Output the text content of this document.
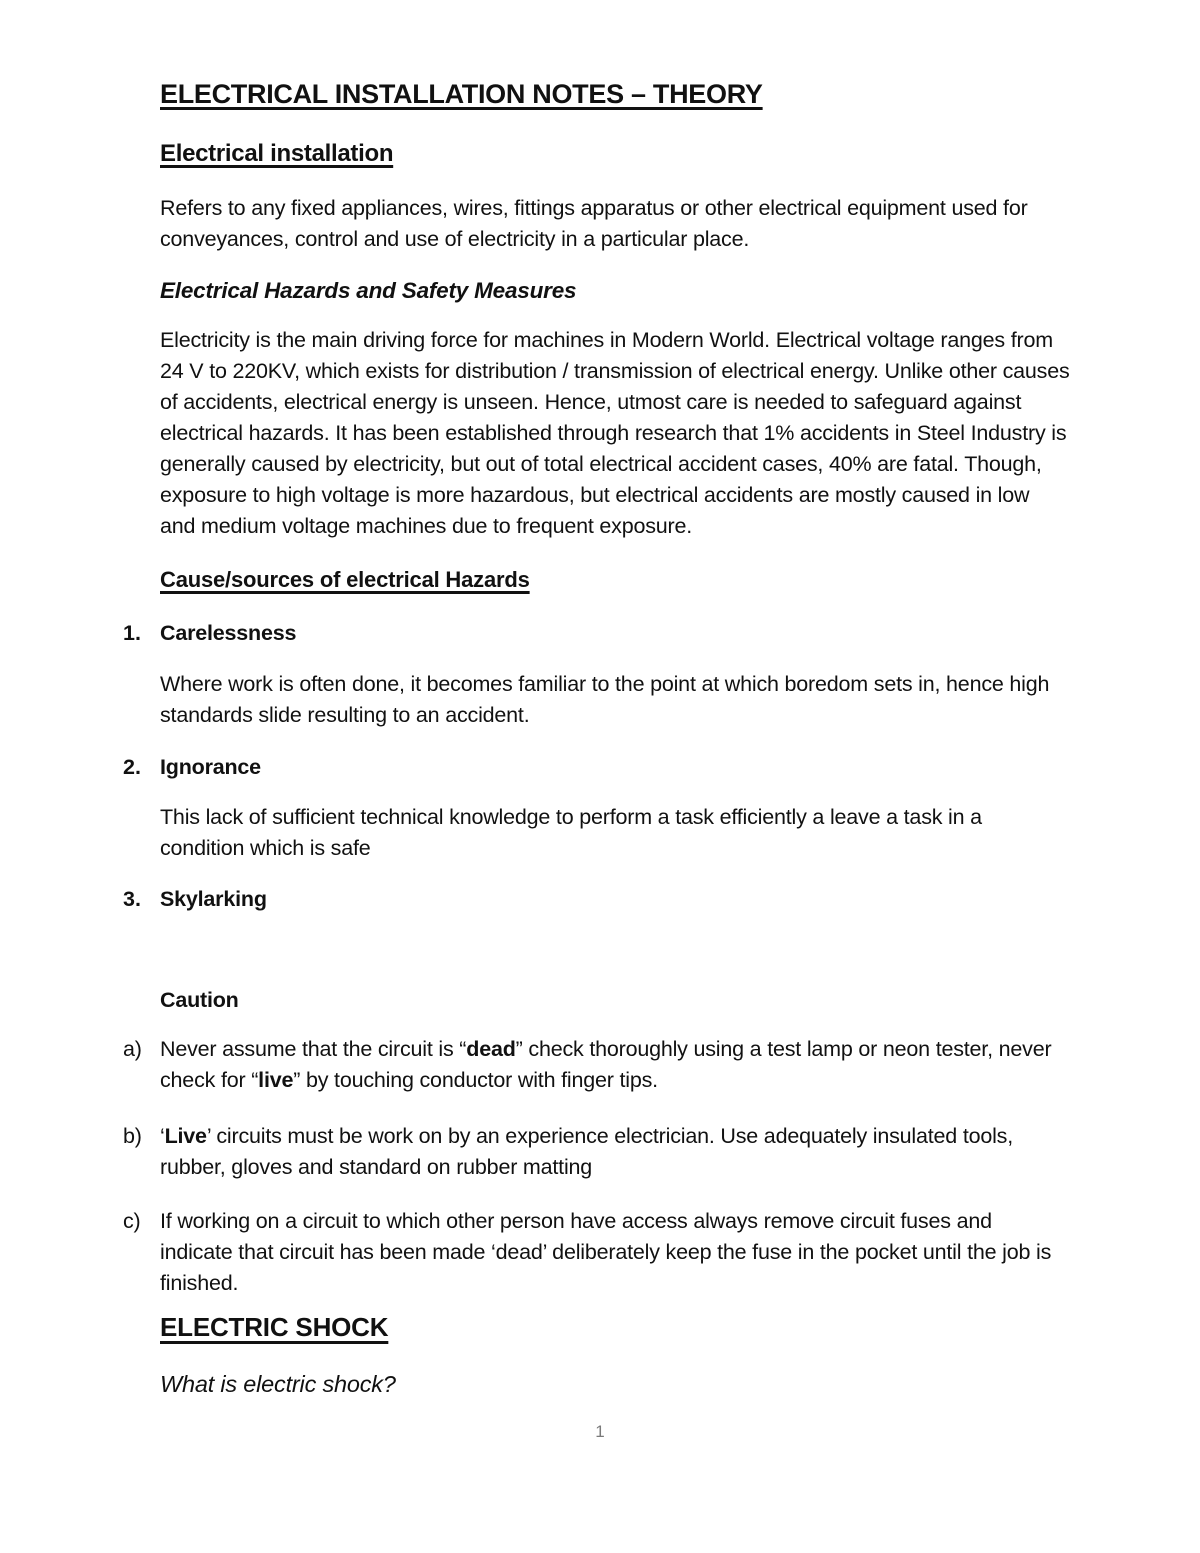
ELECTRICAL INSTALLATION NOTES – THEORY
Electrical installation

Refers to any fixed appliances, wires, fittings apparatus or other electrical equipment used for conveyances, control and use of electricity in a particular place.

Electrical Hazards and Safety Measures

Electricity is the main driving force for machines in Modern World. Electrical voltage ranges from 24 V to 220KV, which exists for distribution / transmission of electrical energy. Unlike other causes of accidents, electrical energy is unseen. Hence, utmost care is needed to safeguard against electrical hazards. It has been established through research that 1% accidents in Steel Industry is generally caused by electricity, but out of total electrical accident cases, 40% are fatal. Though, exposure to high voltage is more hazardous, but electrical accidents are mostly caused in low and medium voltage machines due to frequent exposure.

Cause/sources of electrical Hazards
1. Carelessness

Where work is often done, it becomes familiar to the point at which boredom sets in, hence high standards slide resulting to an accident.

2. Ignorance

This lack of sufficient technical knowledge to perform a task efficiently a leave a task in a condition which is safe

3. Skylarking
Caution
a) Never assume that the circuit is “dead” check thoroughly using a test lamp or neon tester, never check for “live” by touching conductor with finger tips.
b) ‘Live’ circuits must be work on by an experience electrician. Use adequately insulated tools, rubber, gloves and standard on rubber matting
c) If working on a circuit to which other person have access always remove circuit fuses and indicate that circuit has been made ‘dead’ deliberately keep the fuse in the pocket until the job is finished.
ELECTRIC SHOCK

What is electric shock?

1
